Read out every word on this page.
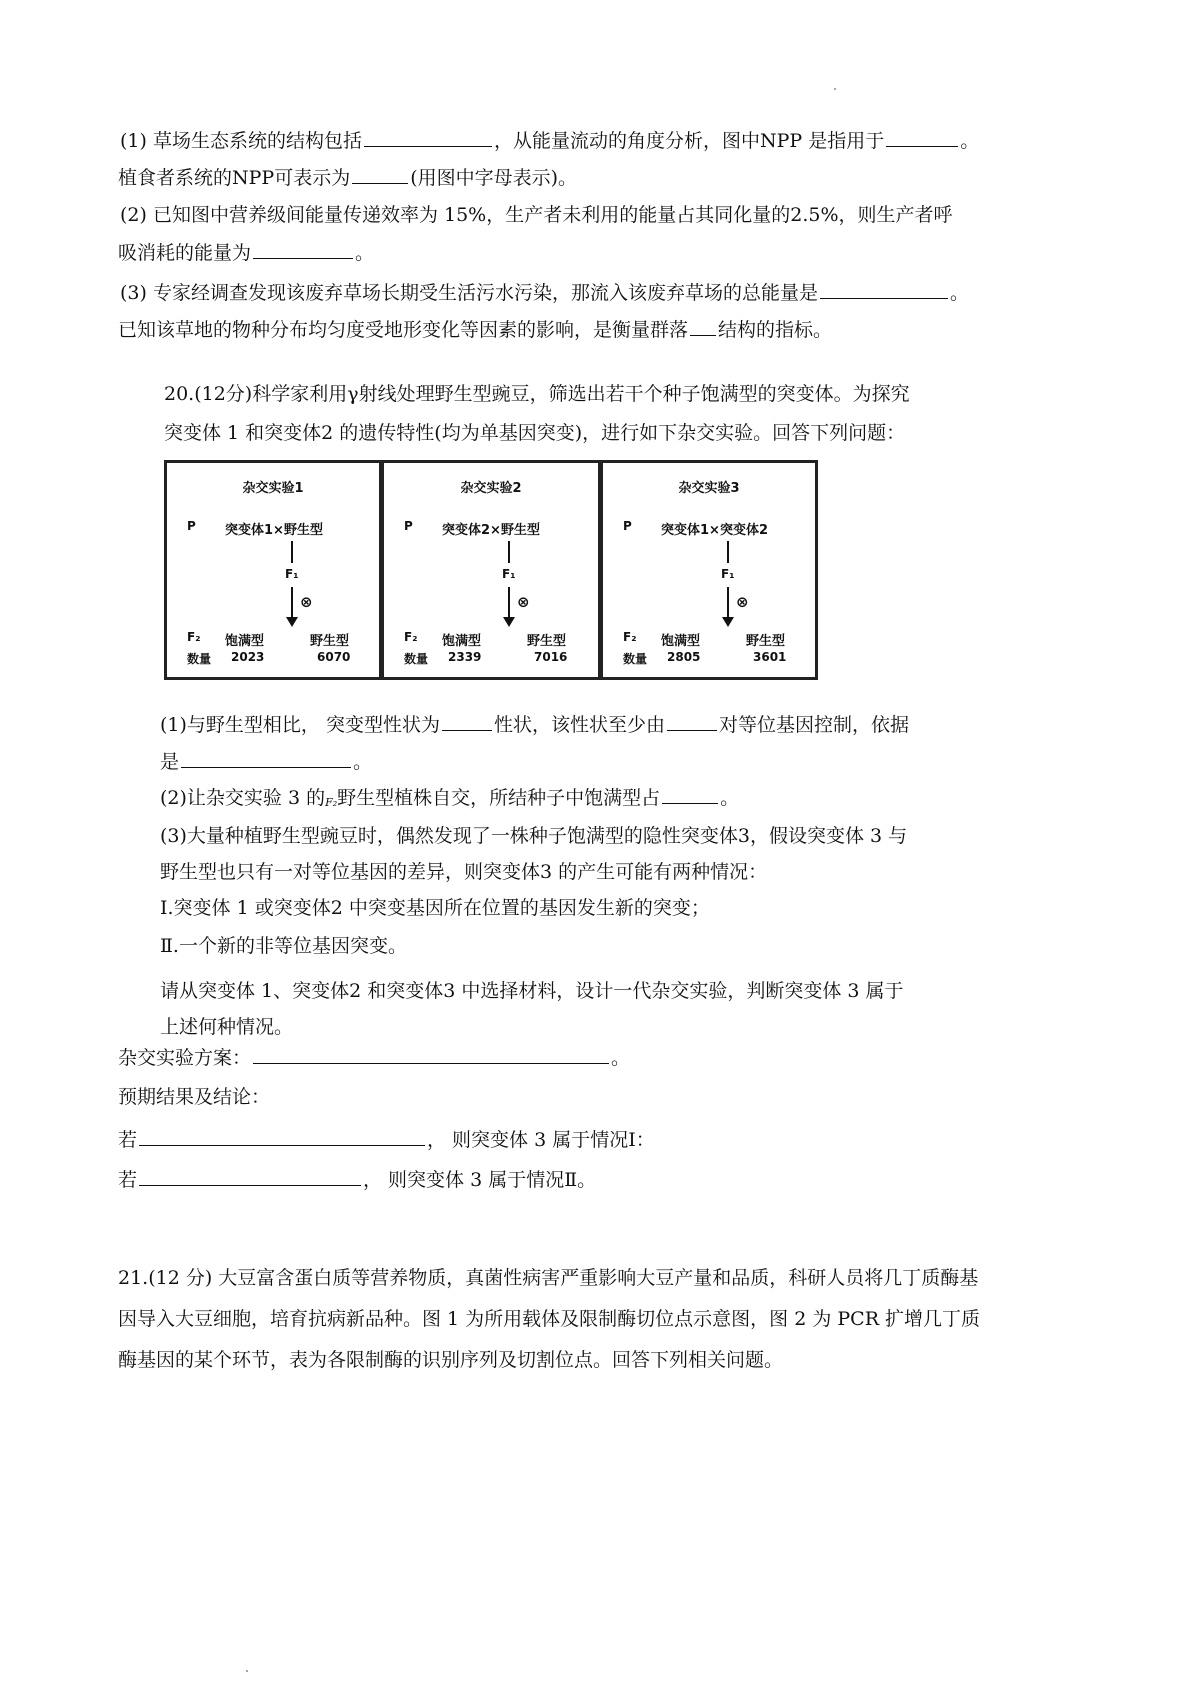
(1) 草场生态系统的结构包括	，从能量流动的角度分析，图中NPP 是指用于	。
植食者系统的NPP可表示为	(用图中字母表示)。
(2) 已知图中营养级间能量传递效率为 15%，生产者未利用的能量占其同化量的2.5%，则生产者呼
吸消耗的能量为	。
(3) 专家经调查发现该废弃草场长期受生活污水污染，那流入该废弃草场的总能量是	。
已知该草地的物种分布均匀度受地形变化等因素的影响，是衡量群落 结构的指标。
20.(12分)科学家利用γ射线处理野生型豌豆，筛选出若干个种子饱满型的突变体。为探究
突变体 1 和突变体2 的遗传特性(均为单基因突变)，进行如下杂交实验。回答下列问题：
杂交实验1
P 突变体1×野生型
F₁
⊗
F₂ 饱满型	野生型
数量 2023	6070
杂交实验2
P 突变体2×野生型
F₁
⊗
F₂ 饱满型	野生型
数量 2339	7016
杂交实验3
P 突变体1×突变体2
F₁
⊗
F₂ 饱满型	野生型
数量 2805	3601
(1)与野生型相比， 突变型性状为	性状，该性状至少由	对等位基因控制，依据
是	。
(2)让杂交实验 3 的F₂野生型植株自交，所结种子中饱满型占	。
(3)大量种植野生型豌豆时，偶然发现了一株种子饱满型的隐性突变体3，假设突变体 3 与
野生型也只有一对等位基因的差异，则突变体3 的产生可能有两种情况：
Ⅰ.突变体 1 或突变体2 中突变基因所在位置的基因发生新的突变；
Ⅱ.一个新的非等位基因突变。
请从突变体 1、突变体2 和突变体3 中选择材料，设计一代杂交实验，判断突变体 3 属于
上述何种情况。
杂交实验方案：	。
预期结果及结论：
若	， 则突变体 3 属于情况Ⅰ：
若	， 则突变体 3 属于情况Ⅱ。
21.(12 分) 大豆富含蛋白质等营养物质，真菌性病害严重影响大豆产量和品质，科研人员将几丁质酶基
因导入大豆细胞，培育抗病新品种。图 1 为所用载体及限制酶切位点示意图，图 2 为 PCR 扩增几丁质
酶基因的某个环节，表为各限制酶的识别序列及切割位点。回答下列相关问题。
